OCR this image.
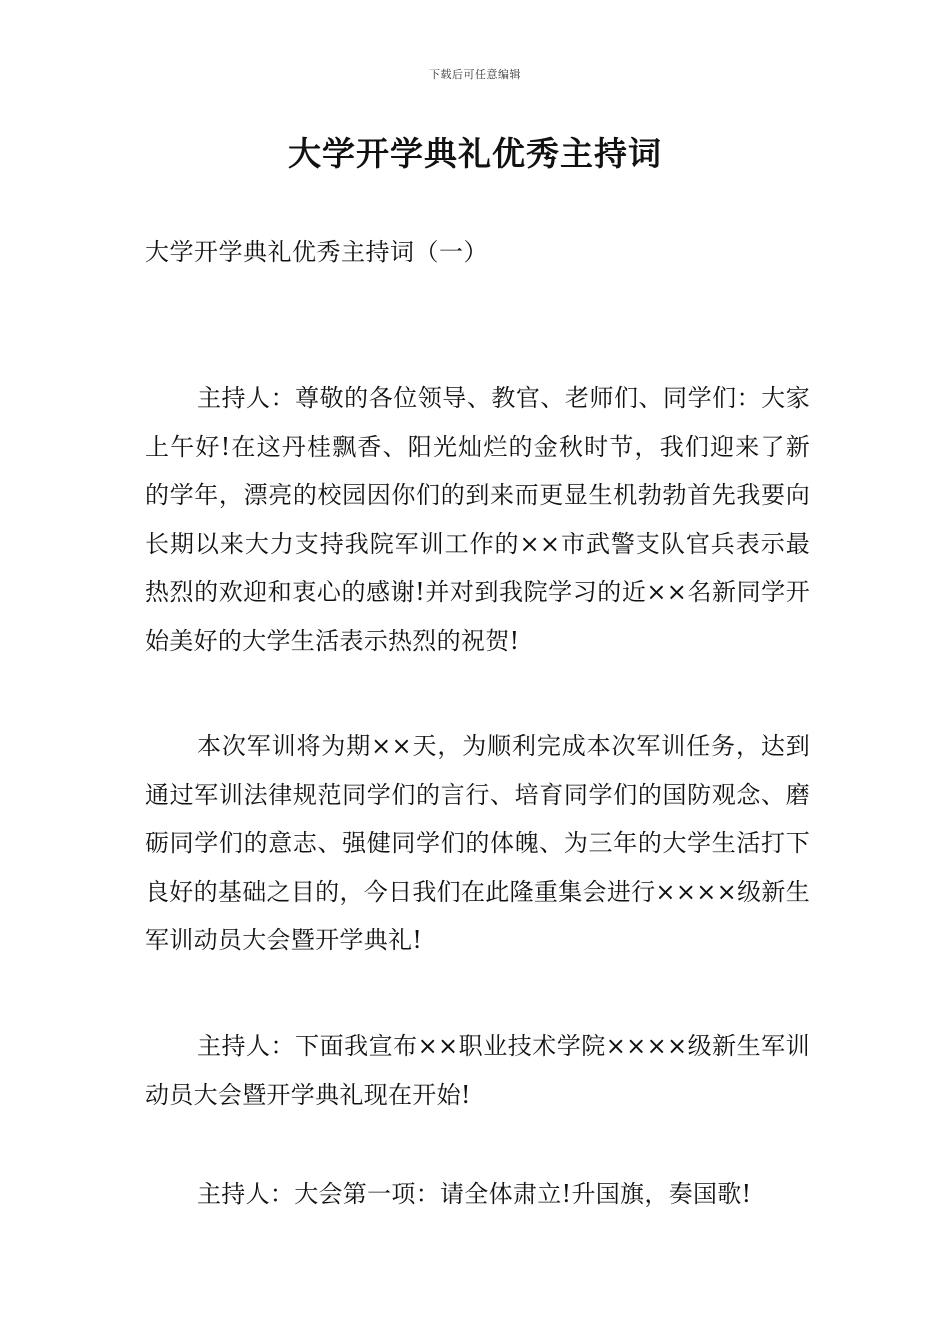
下载后可任意编辑
大学开学典礼优秀主持词
大学开学典礼优秀主持词（一）

主持人：尊敬的各位领导、教官、老师们、同学们：大家上午好!在这丹桂飘香、阳光灿烂的金秋时节，我们迎来了新的学年，漂亮的校园因你们的到来而更显生机勃勃首先我要向长期以来大力支持我院军训工作的××市武警支队官兵表示最热烈的欢迎和衷心的感谢!并对到我院学习的近××名新同学开始美好的大学生活表示热烈的祝贺!

本次军训将为期××天，为顺利完成本次军训任务，达到通过军训法律规范同学们的言行、培育同学们的国防观念、磨砺同学们的意志、强健同学们的体魄、为三年的大学生活打下良好的基础之目的，今日我们在此隆重集会进行××××级新生军训动员大会暨开学典礼!

主持人：下面我宣布××职业技术学院××××级新生军训动员大会暨开学典礼现在开始!

主持人：大会第一项：请全体肃立!升国旗，奏国歌!
